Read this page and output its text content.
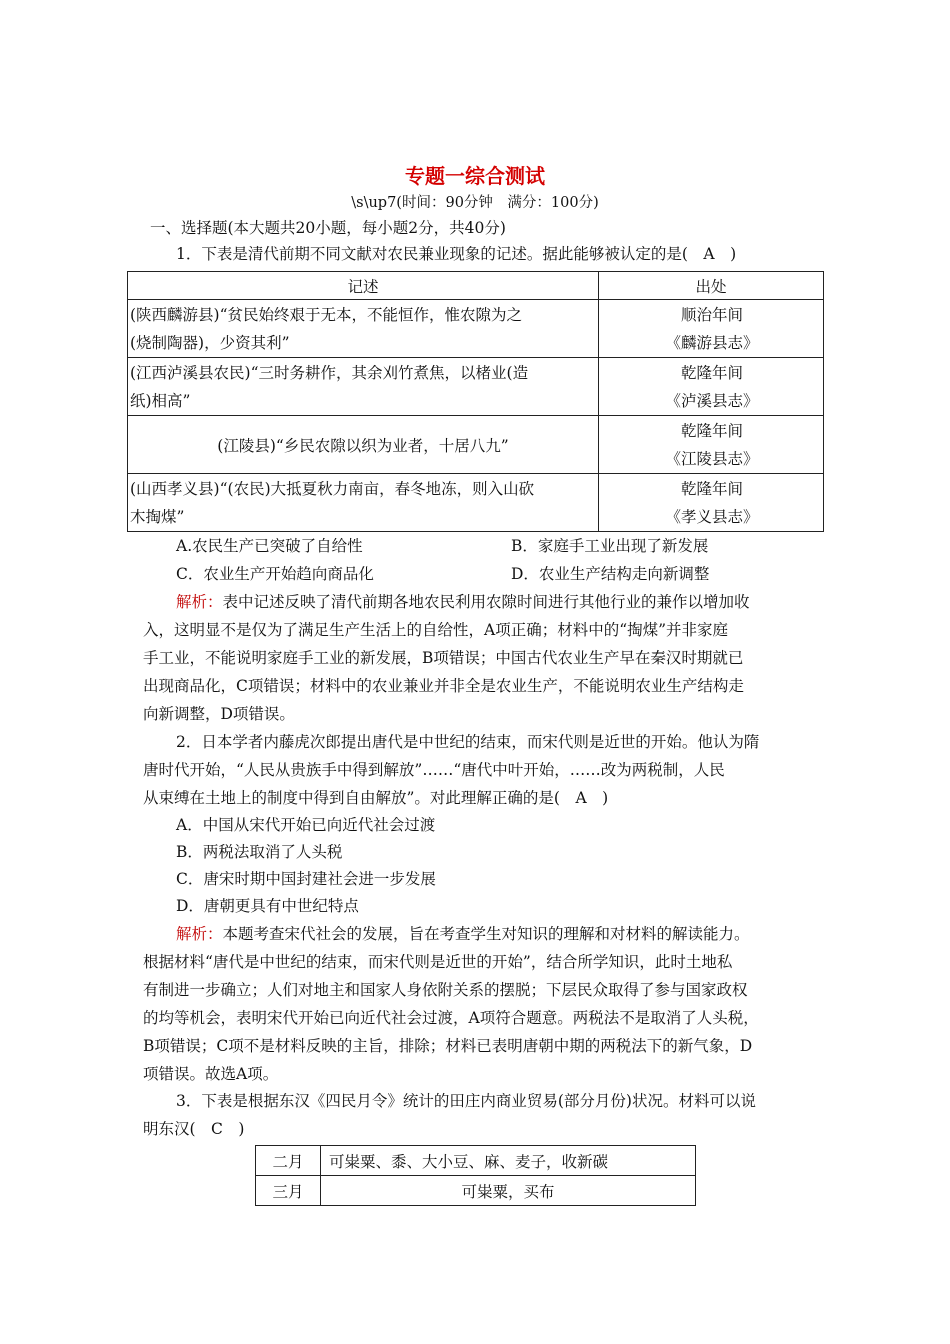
专题一综合测试
\s\up7(时间：90分钟　满分：100分)
一、选择题(本大题共20小题，每小题2分，共40分)
1．下表是清代前期不同文献对农民兼业现象的记述。据此能够被认定的是(　A　)
记述	出处

(陕西麟游县)“贫民始终艰于无本，不能恒作，惟农隙为之
(烧制陶器)，少资其利”	顺治年间
《麟游县志》

(江西泸溪县农民)“三时务耕作，其余刈竹煮焦，以楮业(造
纸)相高”	乾隆年间
《泸溪县志》

(江陵县)“乡民农隙以织为业者，十居八九”	乾隆年间
《江陵县志》

(山西孝义县)“(农民)大抵夏秋力南亩，春冬地冻，则入山砍
木掏煤”	乾隆年间
《孝义县志》
A.农民生产已突破了自给性	B．家庭手工业出现了新发展
C．农业生产开始趋向商品化	D．农业生产结构走向新调整
解析：表中记述反映了清代前期各地农民利用农隙时间进行其他行业的兼作以增加收
入，这明显不是仅为了满足生产生活上的自给性，A项正确；材料中的“掏煤”并非家庭
手工业，不能说明家庭手工业的新发展，B项错误；中国古代农业生产早在秦汉时期就已
出现商品化，C项错误；材料中的农业兼业并非全是农业生产，不能说明农业生产结构走
向新调整，D项错误。
2．日本学者内藤虎次郎提出唐代是中世纪的结束，而宋代则是近世的开始。他认为隋
唐时代开始，“人民从贵族手中得到解放”……“唐代中叶开始，……改为两税制，人民
从束缚在土地上的制度中得到自由解放”。对此理解正确的是(　A　)
A．中国从宋代开始已向近代社会过渡
B．两税法取消了人头税
C．唐宋时期中国封建社会进一步发展
D．唐朝更具有中世纪特点
解析：本题考查宋代社会的发展，旨在考查学生对知识的理解和对材料的解读能力。
根据材料“唐代是中世纪的结束，而宋代则是近世的开始”，结合所学知识，此时土地私
有制进一步确立；人们对地主和国家人身依附关系的摆脱；下层民众取得了参与国家政权
的均等机会，表明宋代开始已向近代社会过渡，A项符合题意。两税法不是取消了人头税，
B项错误；C项不是材料反映的主旨，排除；材料已表明唐朝中期的两税法下的新气象，D
项错误。故选A项。
3．下表是根据东汉《四民月令》统计的田庄内商业贸易(部分月份)状况。材料可以说
明东汉(　C　)
二月	可粜粟、黍、大小豆、麻、麦子，收新碳
三月	可粜粟，买布
